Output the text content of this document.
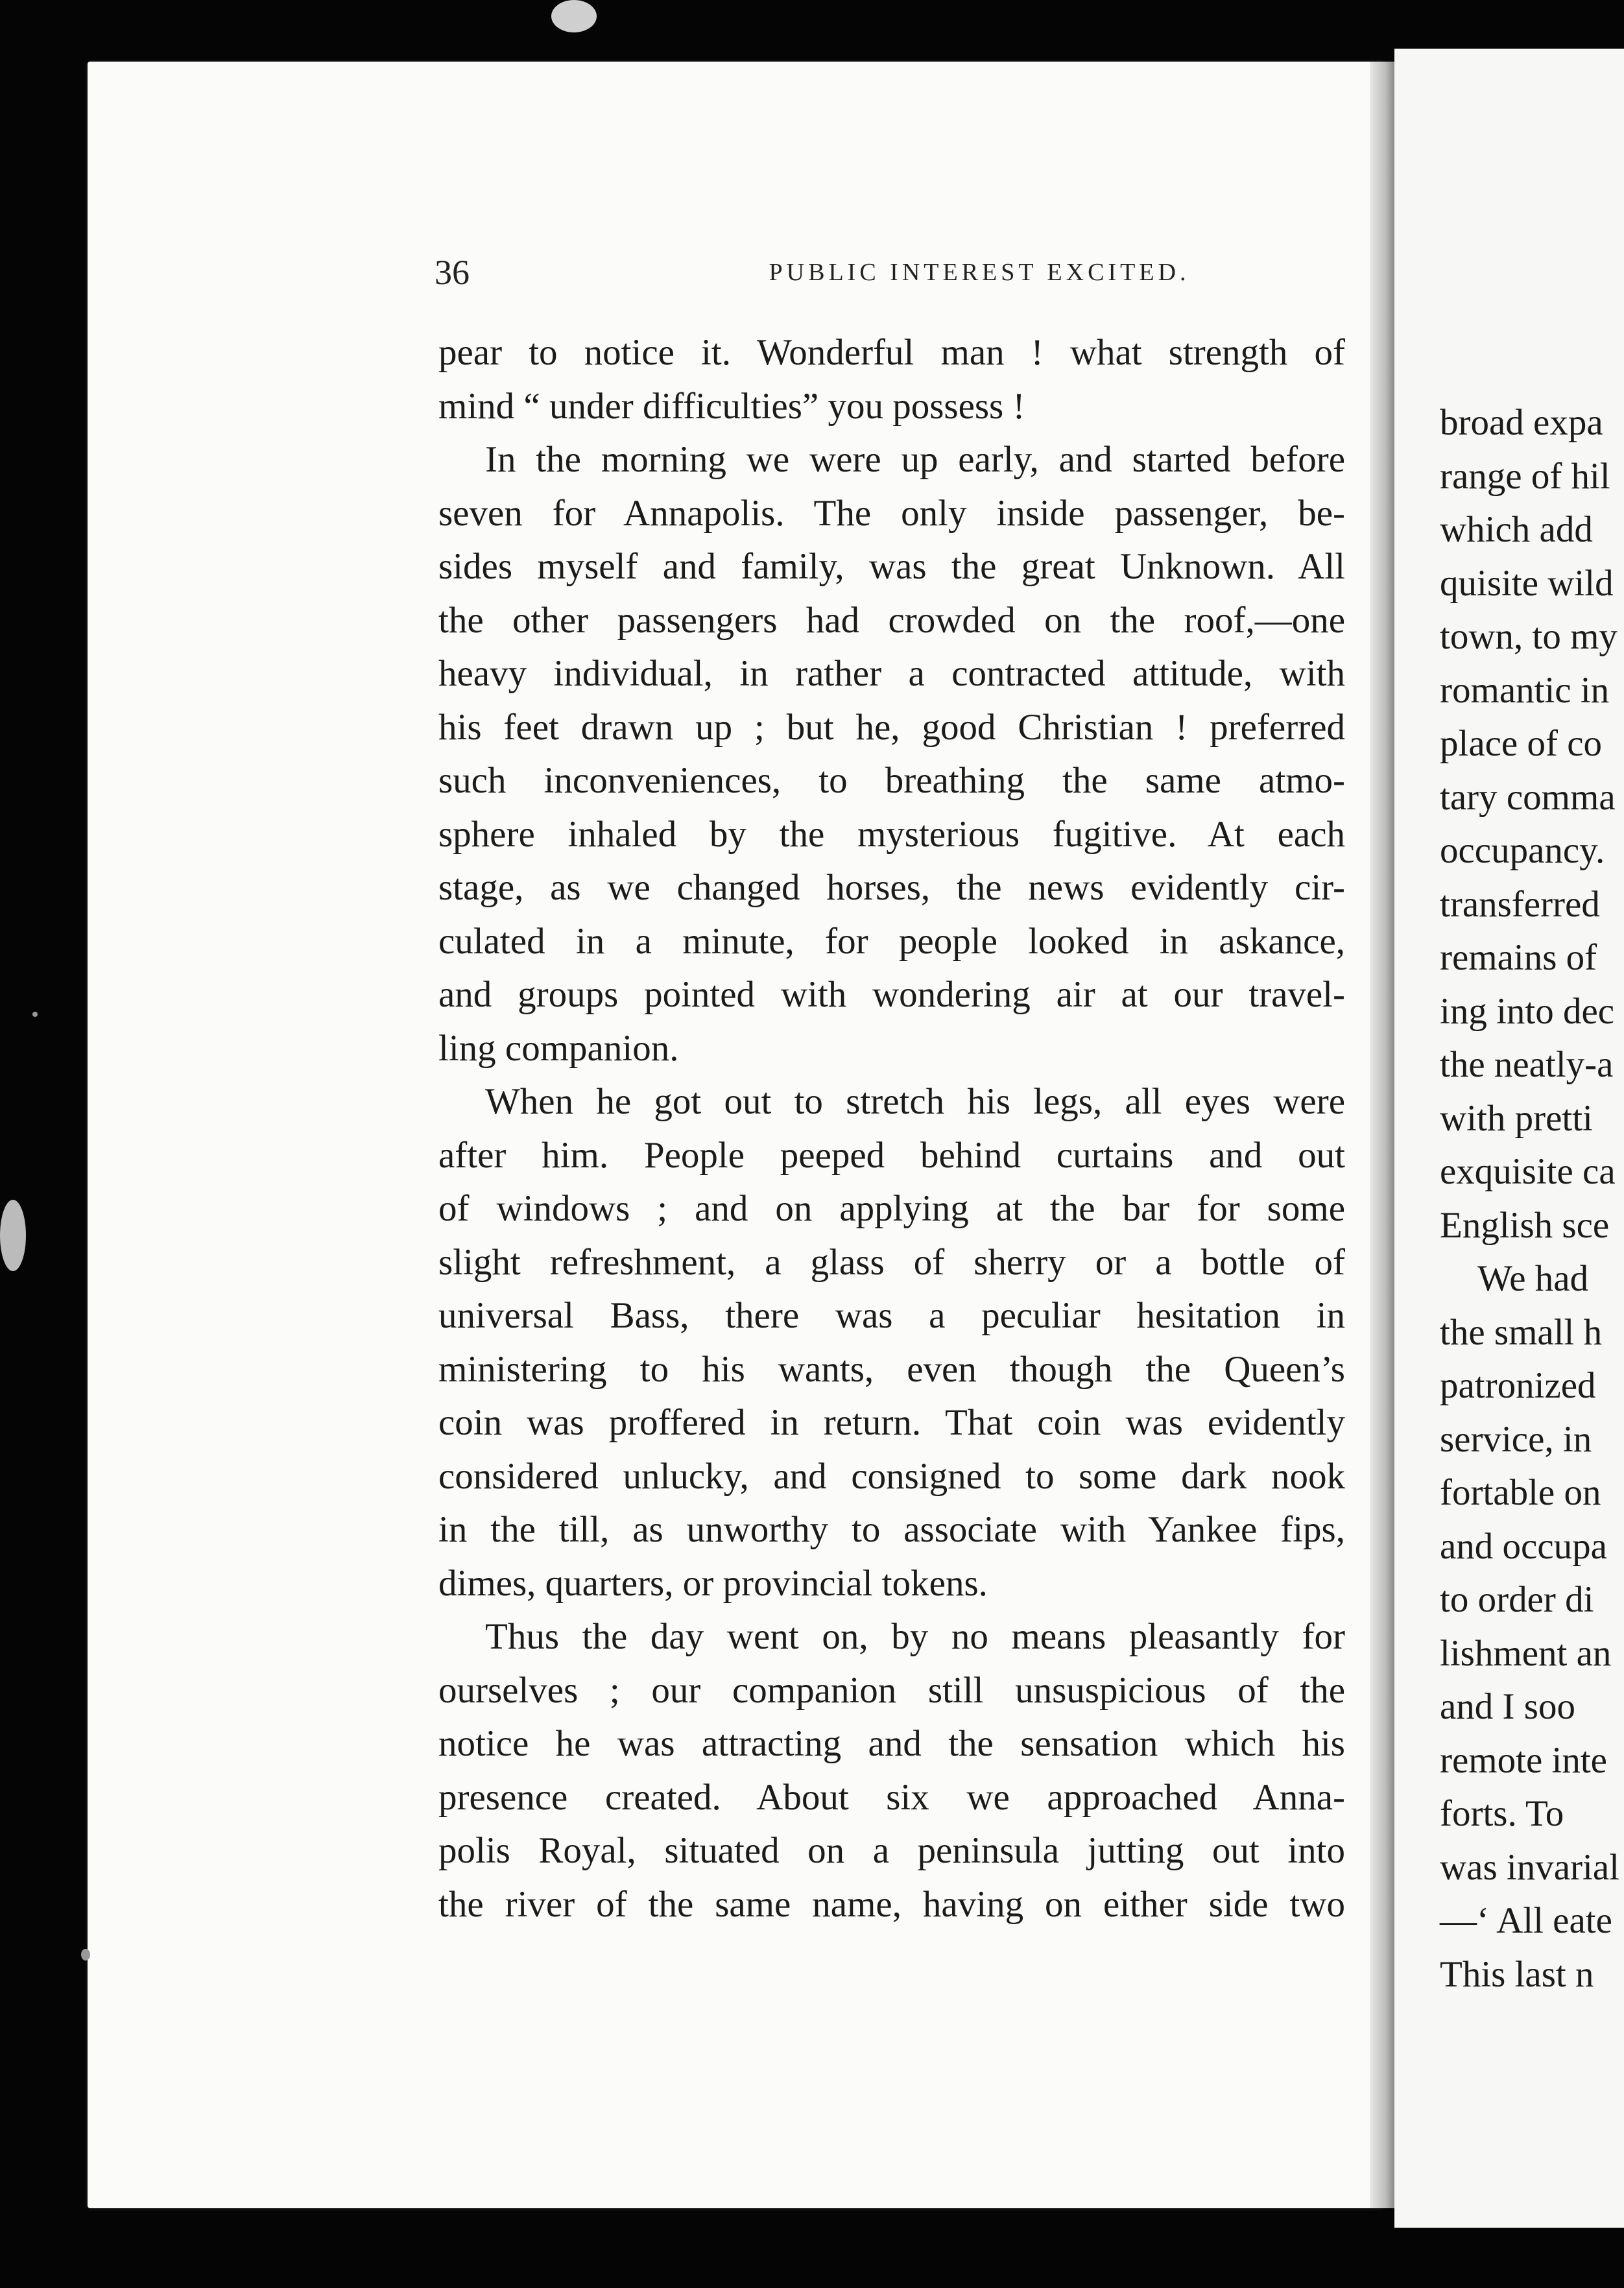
broad expa
range of hil
which add
quisite wild
town, to my
romantic in
place of co
tary comma
occupancy.
transferred
remains of
ing into dec
the neatly-a
with pretti
exquisite ca
English sce
We had
the small h
patronized
service, in
fortable on
and occupa
to order di
lishment an
and I soo
remote inte
forts. To
was invarial
—‘ All eate
This last n
36	PUBLIC INTEREST EXCITED.
pear to notice it. Wonderful man ! what strength of
mind “ under difficulties” you possess !
In the morning we were up early, and started before
seven for Annapolis. The only inside passenger, be-
sides myself and family, was the great Unknown. All
the other passengers had crowded on the roof,—one
heavy individual, in rather a contracted attitude, with
his feet drawn up ; but he, good Christian ! preferred
such inconveniences, to breathing the same atmo-
sphere inhaled by the mysterious fugitive. At each
stage, as we changed horses, the news evidently cir-
culated in a minute, for people looked in askance,
and groups pointed with wondering air at our travel-
ling companion.
When he got out to stretch his legs, all eyes were
after him. People peeped behind curtains and out
of windows ; and on applying at the bar for some
slight refreshment, a glass of sherry or a bottle of
universal Bass, there was a peculiar hesitation in
ministering to his wants, even though the Queen’s
coin was proffered in return. That coin was evidently
considered unlucky, and consigned to some dark nook
in the till, as unworthy to associate with Yankee fips,
dimes, quarters, or provincial tokens.
Thus the day went on, by no means pleasantly for
ourselves ; our companion still unsuspicious of the
notice he was attracting and the sensation which his
presence created. About six we approached Anna-
polis Royal, situated on a peninsula jutting out into
the river of the same name, having on either side two
